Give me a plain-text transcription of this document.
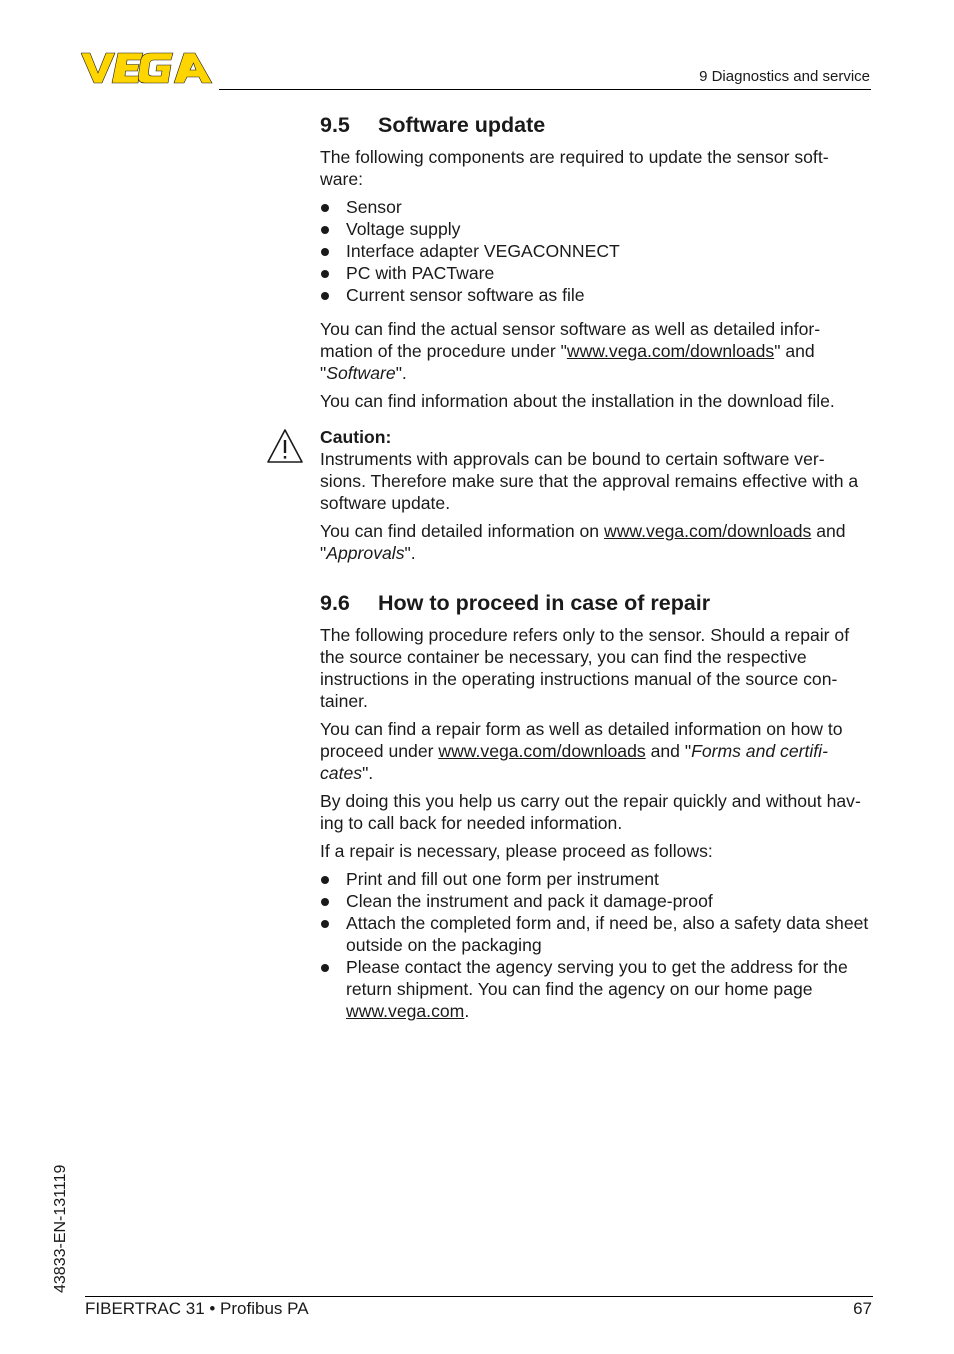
9 Diagnostics and service
9.5 Software update

The following components are required to update the sensor soft- ware:

Sensor
Voltage supply
Interface adapter VEGACONNECT
PC with PACTware
Current sensor software as file

You can find the actual sensor software as well as detailed infor- mation of the procedure under "www.vega.com/downloads" and "Software".

You can find information about the installation in the download file.

Caution:

Instruments with approvals can be bound to certain software ver- sions. Therefore make sure that the approval remains effective with a software update.

You can find detailed information on www.vega.com/downloads and "Approvals".

9.6 How to proceed in case of repair

The following procedure refers only to the sensor. Should a repair of the source container be necessary, you can find the respective instructions in the operating instructions manual of the source con- tainer.

You can find a repair form as well as detailed information on how to proceed under www.vega.com/downloads and "Forms and certifi- cates".

By doing this you help us carry out the repair quickly and without hav- ing to call back for needed information.

If a repair is necessary, please proceed as follows:

Print and fill out one form per instrument
Clean the instrument and pack it damage-proof
Attach the completed form and, if need be, also a safety data sheet outside on the packaging
Please contact the agency serving you to get the address for the return shipment. You can find the agency on our home page www.vega.com.
43833-EN-131119
FIBERTRAC 31 • Profibus PA	67
